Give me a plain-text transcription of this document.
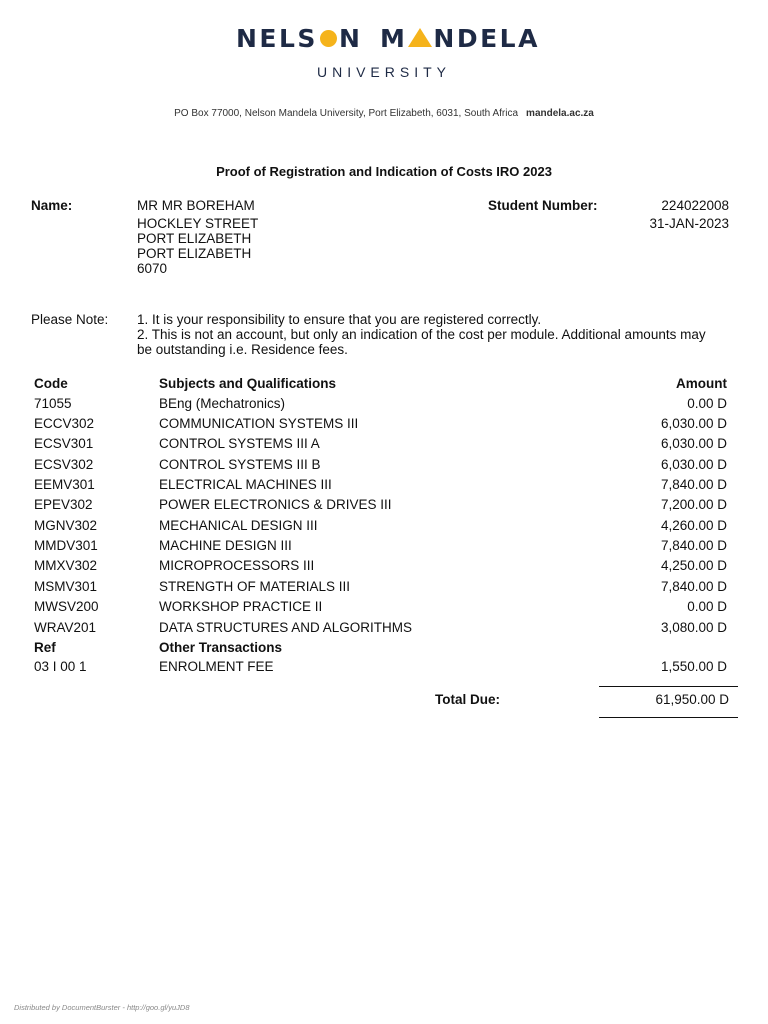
NELS N M NDELA
UNIVERSITY
PO Box 77000, Nelson Mandela University, Port Elizabeth, 6031, South Africa mandela.ac.za
Proof of Registration and Indication of Costs IRO 2023
Name:	MR MR BOREHAM
HOCKLEY STREET
PORT ELIZABETH
PORT ELIZABETH
6070
Student Number:	224022008
31-JAN-2023
Please Note: 1. It is your responsibility to ensure that you are registered correctly.
2. This is not an account, but only an indication of the cost per module. Additional amounts may
be outstanding i.e. Residence fees.
Code	Subjects and Qualifications	Amount
71055	BEng (Mechatronics)	0.00 D
ECCV302	COMMUNICATION SYSTEMS III	6,030.00 D
ECSV301	CONTROL SYSTEMS III A	6,030.00 D
ECSV302	CONTROL SYSTEMS III B	6,030.00 D
EEMV301	ELECTRICAL MACHINES III	7,840.00 D
EPEV302	POWER ELECTRONICS & DRIVES III	7,200.00 D
MGNV302	MECHANICAL DESIGN III	4,260.00 D
MMDV301	MACHINE DESIGN III	7,840.00 D
MMXV302	MICROPROCESSORS III	4,250.00 D
MSMV301	STRENGTH OF MATERIALS III	7,840.00 D
MWSV200	WORKSHOP PRACTICE II	0.00 D
WRAV201	DATA STRUCTURES AND ALGORITHMS	3,080.00 D
Ref	Other Transactions
03 I 00 1	ENROLMENT FEE	1,550.00 D
Total Due:	61,950.00 D
Distributed by DocumentBurster - http://goo.gl/yuJD8
